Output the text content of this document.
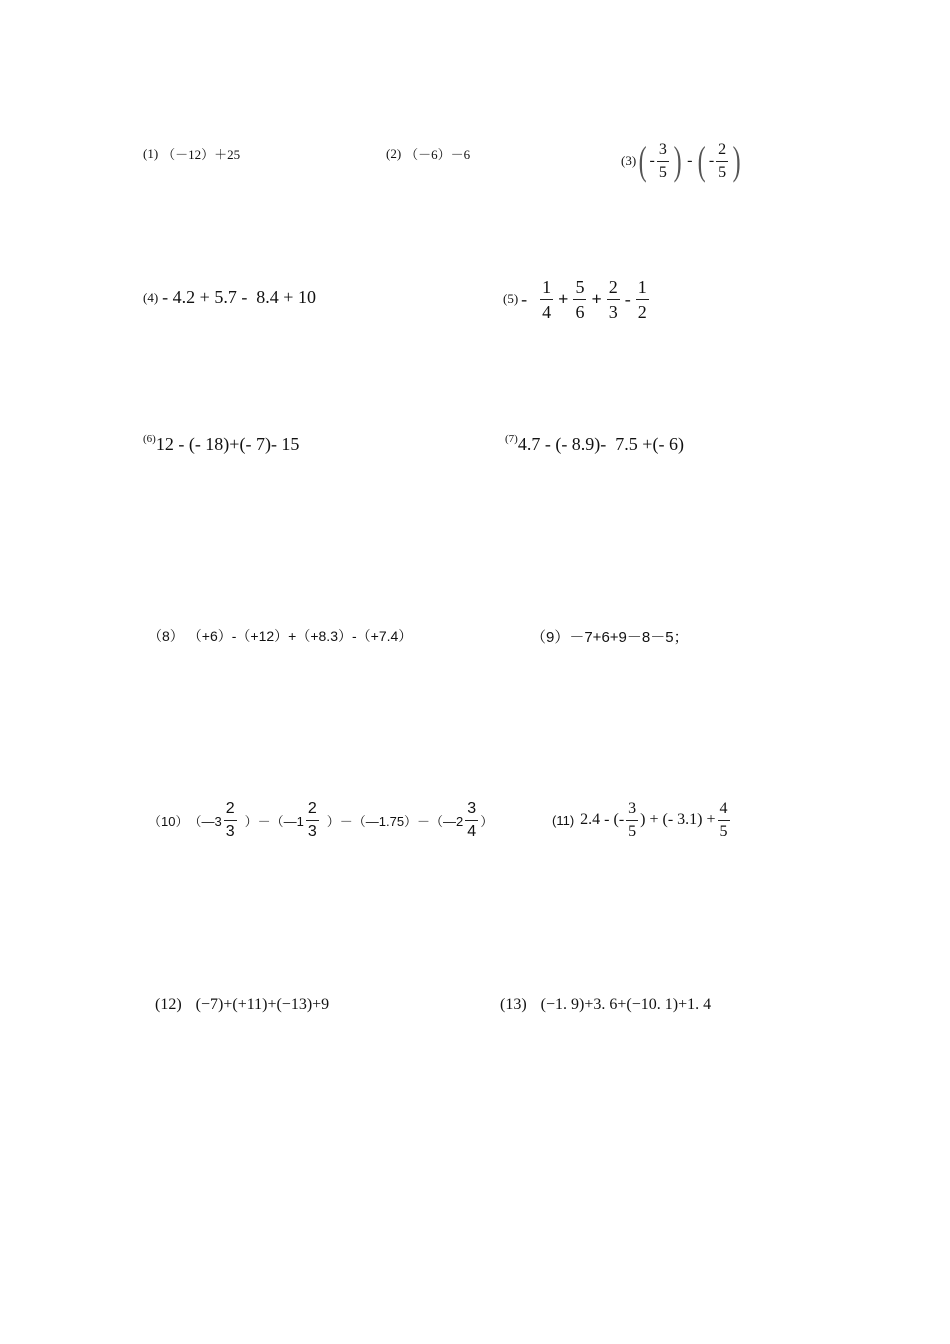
(1) （－12）＋25	(2) （－6）－6	(3) ( - $\frac{3}{5}$ ) - ( - $\frac{2}{5}$ )
(4) - 4.2 + 5.7 -  8.4 + 10	$(5) - \frac{1}{4} + \frac{5}{6} + \frac{2}{3} - \frac{1}{2}$
(6) 12 - (- 18)+(- 7)- 15	(7) 4.7 - (- 8.9)-  7.5 +(- 6)
（8） （+6）-（+12）+（+8.3）-（+7.4）	（9） －7+6+9－8－5；
（10） （—3 $\frac{2}{3}$ ）－（—1 $\frac{2}{3}$ ）－（—1.75）－（—2 $\frac{3}{4}$ ）	(11) 2.4 - (- $\frac{3}{5}$ ) + (- $3.1) + \frac{4}{5}$
(12) (−7)+(+11)+(−13)+9	(13) (−1. 9)+3. 6+(−10. 1)+1. 4
